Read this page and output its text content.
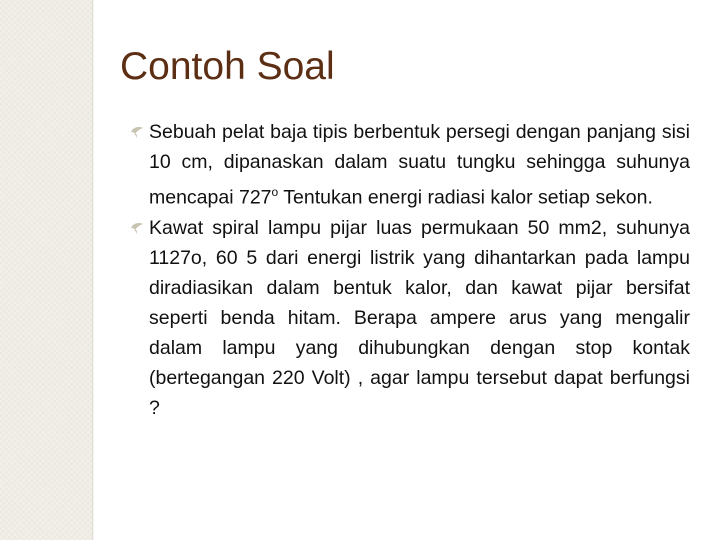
Contoh Soal

Sebuah pelat baja tipis berbentuk persegi dengan panjang sisi 10 cm, dipanaskan dalam suatu tungku sehingga suhunya mencapai 727$^o$ Tentukan energi radiasi kalor setiap sekon.

Kawat spiral lampu pijar luas permukaan 50 mm2, suhunya 1127o, 60 5 dari energi listrik yang dihantarkan pada lampu diradiasikan dalam bentuk kalor, dan kawat pijar bersifat seperti benda hitam. Berapa ampere arus yang mengalir dalam lampu yang dihubungkan dengan stop kontak (bertegangan 220 Volt) , agar lampu tersebut dapat berfungsi ?
